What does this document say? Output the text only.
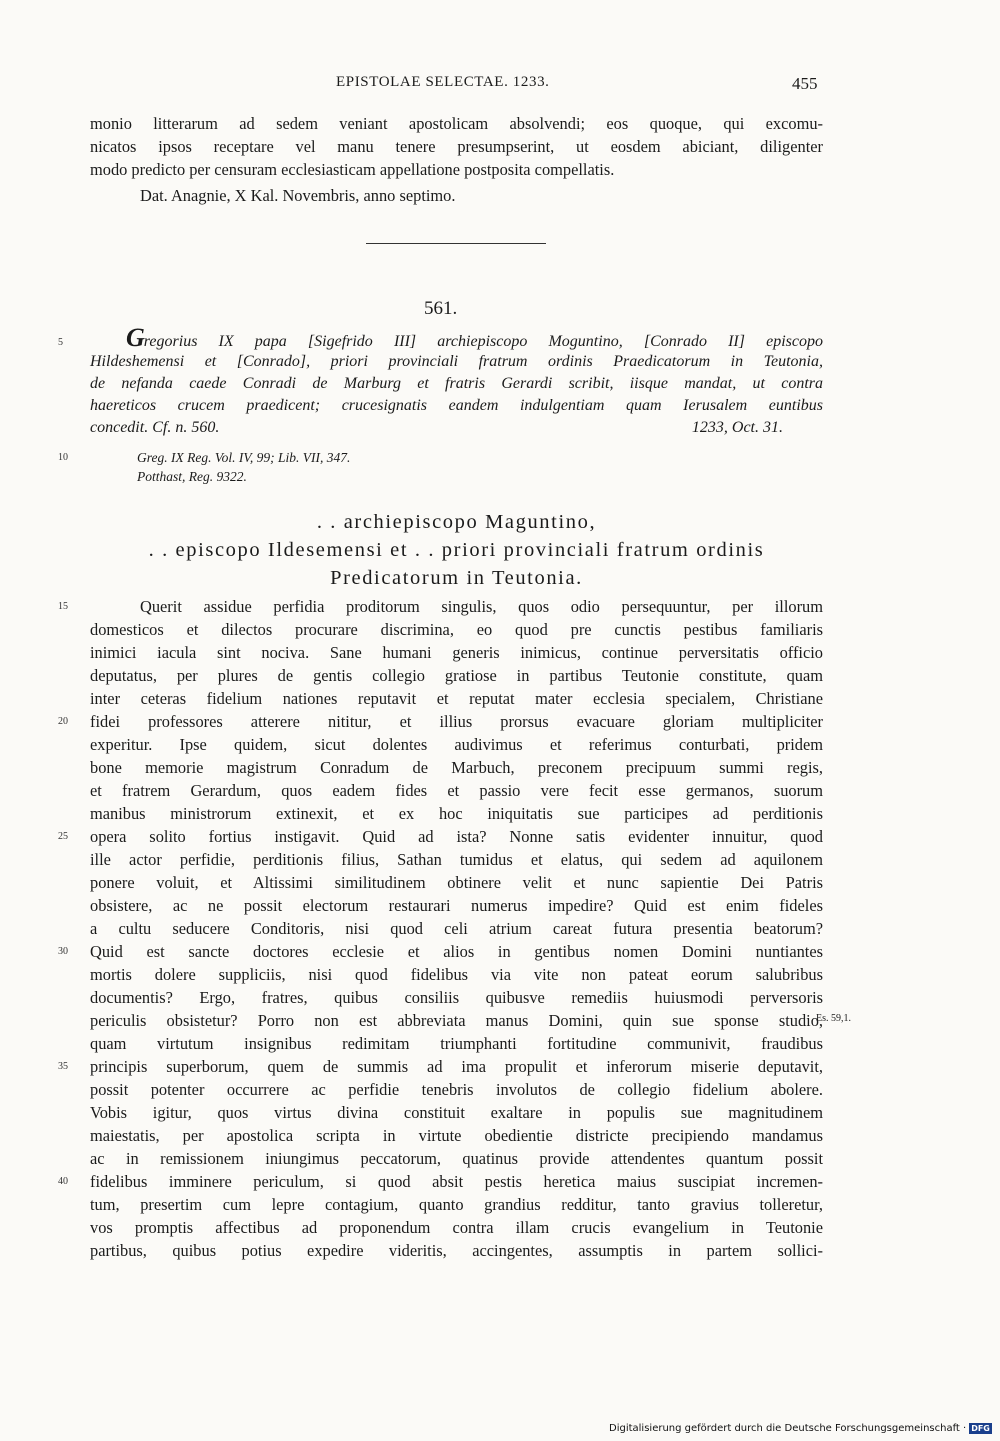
EPISTOLAE SELECTAE. 1233.	455
monio litterarum ad sedem veniant apostolicam absolvendi; eos quoque, qui excomu-
nicatos ipsos receptare vel manu tenere presumpserint, ut eosdem abiciant, diligenter
modo predicto per censuram ecclesiasticam appellatione postposita compellatis.
Dat. Anagnie, X Kal. Novembris, anno septimo.
561.
Gregorius IX papa [Sigefrido III] archiepiscopo Moguntino, [Conrado II] episcopo
Hildeshemensi et [Conrado], priori provinciali fratrum ordinis Praedicatorum in Teutonia,
de nefanda caede Conradi de Marburg et fratris Gerardi scribit, iisque mandat, ut contra
haereticos crucem praedicent; crucesignatis eandem indulgentiam quam Ierusalem euntibus
concedit. Cf. n. 560.	1233, Oct. 31.
Greg. IX Reg. Vol. IV, 99; Lib. VII, 347.
Potthast, Reg. 9322.
. . archiepiscopo Maguntino,
. . episcopo Ildesemensi et . . priori provinciali fratrum ordinis
Predicatorum in Teutonia.
Querit assidue perfidia proditorum singulis, quos odio persequuntur, per illorum
domesticos et dilectos procurare discrimina, eo quod pre cunctis pestibus familiaris
inimici iacula sint nociva. Sane humani generis inimicus, continue perversitatis officio
deputatus, per plures de gentis collegio gratiose in partibus Teutonie constitute, quam
inter ceteras fidelium nationes reputavit et reputat mater ecclesia specialem, Christiane
fidei professores atterere nititur, et illius prorsus evacuare gloriam multipliciter
experitur. Ipse quidem, sicut dolentes audivimus et referimus conturbati, pridem
bone memorie magistrum Conradum de Marbuch, preconem precipuum summi regis,
et fratrem Gerardum, quos eadem fides et passio vere fecit esse germanos, suorum
manibus ministrorum extinexit, et ex hoc iniquitatis sue participes ad perditionis
opera solito fortius instigavit. Quid ad ista? Nonne satis evidenter innuitur, quod
ille actor perfidie, perditionis filius, Sathan tumidus et elatus, qui sedem ad aquilonem
ponere voluit, et Altissimi similitudinem obtinere velit et nunc sapientie Dei Patris
obsistere, ac ne possit electorum restaurari numerus impedire? Quid est enim fideles
a cultu seducere Conditoris, nisi quod celi atrium careat futura presentia beatorum?
Quid est sancte doctores ecclesie et alios in gentibus nomen Domini nuntiantes
mortis dolere suppliciis, nisi quod fidelibus via vite non pateat eorum salubribus
documentis? Ergo, fratres, quibus consiliis quibusve remediis huiusmodi perversoris
periculis obsistetur? Porro non est abbreviata manus Domini, quin sue sponse studio,
quam virtutum insignibus redimitam triumphanti fortitudine communivit, fraudibus
principis superborum, quem de summis ad ima propulit et inferorum miserie deputavit,
possit potenter occurrere ac perfidie tenebris involutos de collegio fidelium abolere.
Vobis igitur, quos virtus divina constituit exaltare in populis sue magnitudinem
maiestatis, per apostolica scripta in virtute obedientie districte precipiendo mandamus
ac in remissionem iniungimus peccatorum, quatinus provide attendentes quantum possit
fidelibus imminere periculum, si quod absit pestis heretica maius suscipiat incremen-
tum, presertim cum lepre contagium, quanto grandius redditur, tanto gravius tolleretur,
vos promptis affectibus ad proponendum contra illam crucis evangelium in Teutonie
partibus, quibus potius expedire videritis, accingentes, assumptis in partem sollici-
5
10
15
20
25
30
35
40
Es. 59,1.
Digitalisierung gefördert durch die Deutsche Forschungsgemeinschaft · DFG
